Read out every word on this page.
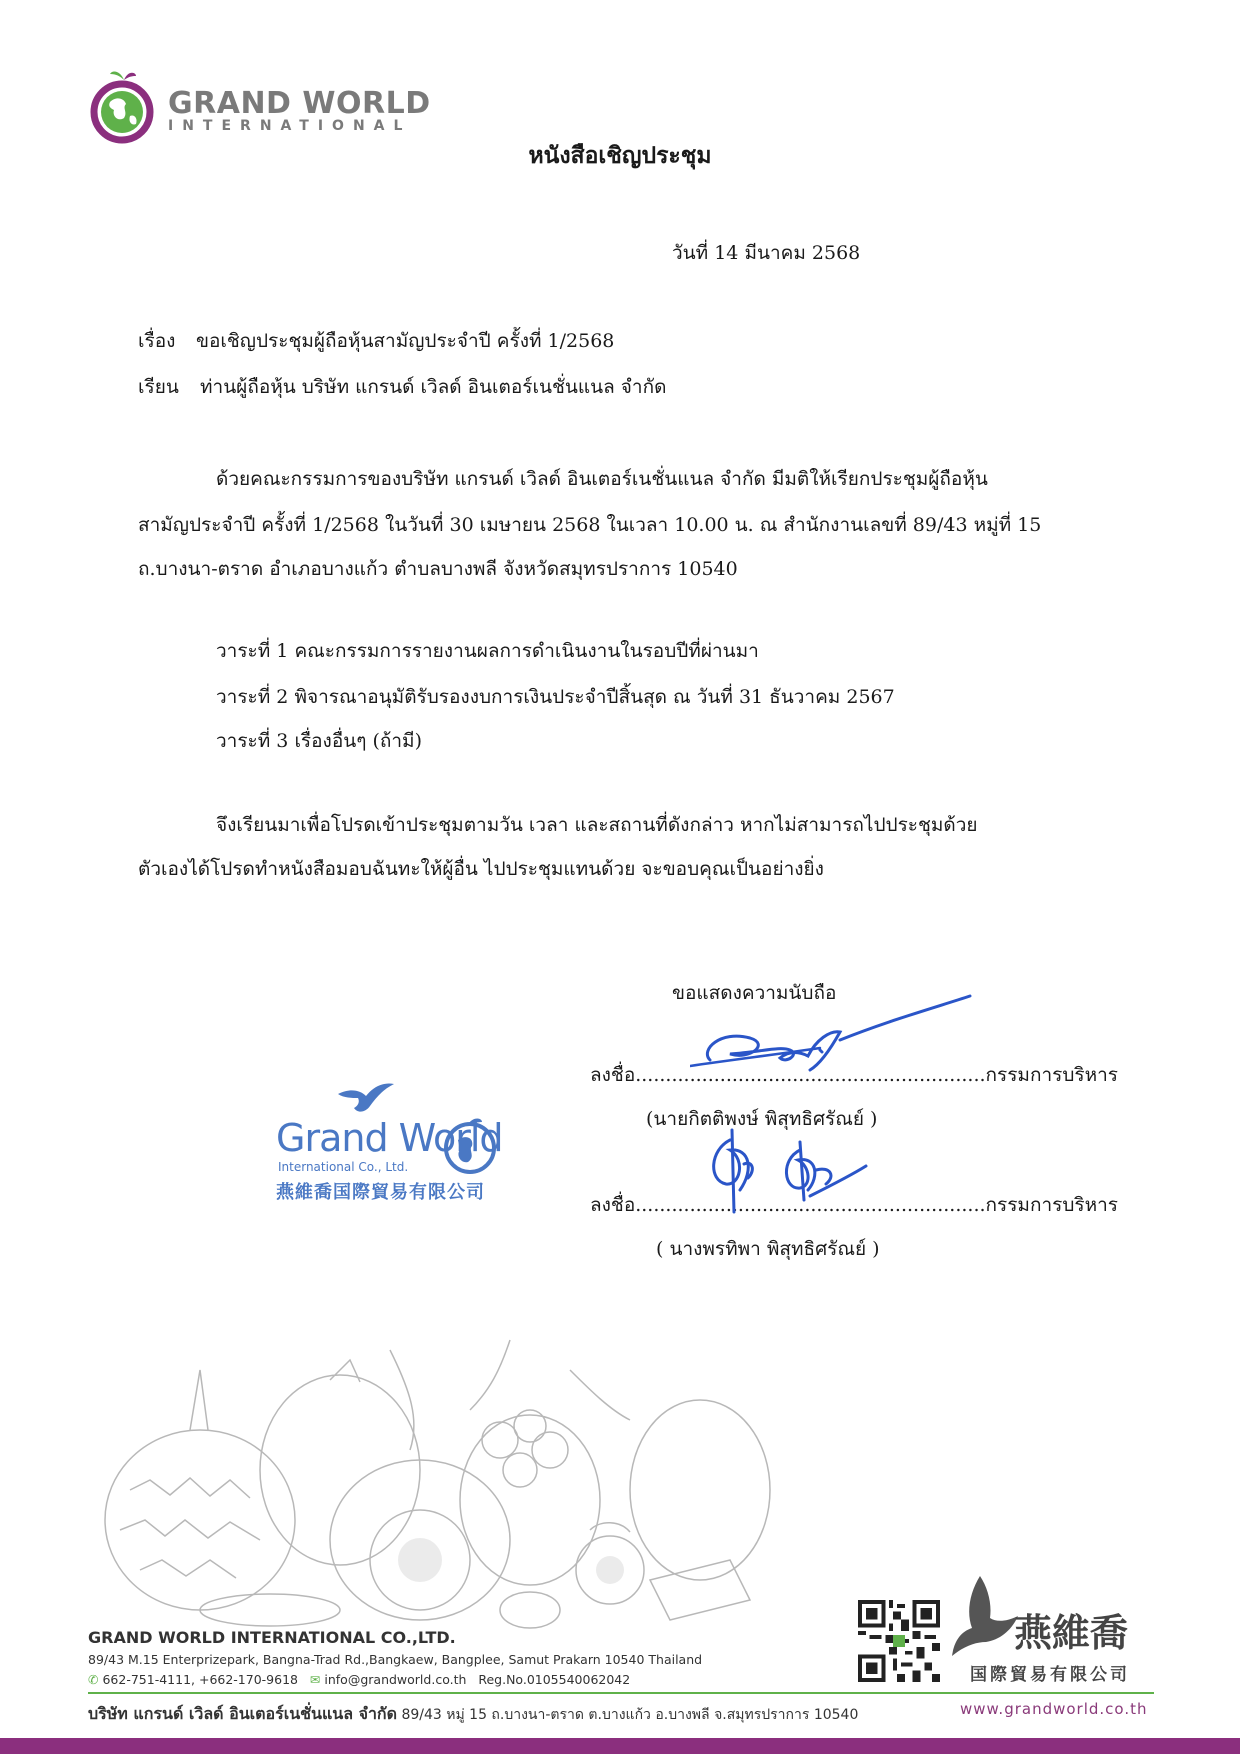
GRAND WORLD
INTERNATIONAL
หนังสือเชิญประชุม
วันที่ 14 มีนาคม 2568
เรื่อง ขอเชิญประชุมผู้ถือหุ้นสามัญประจำปี ครั้งที่ 1/2568
เรียน ท่านผู้ถือหุ้น บริษัท แกรนด์ เวิลด์ อินเตอร์เนชั่นแนล จำกัด
ด้วยคณะกรรมการของบริษัท แกรนด์ เวิลด์ อินเตอร์เนชั่นแนล จำกัด มีมติให้เรียกประชุมผู้ถือหุ้น
สามัญประจำปี ครั้งที่ 1/2568 ในวันที่ 30 เมษายน 2568 ในเวลา 10.00 น. ณ สำนักงานเลขที่ 89/43 หมู่ที่ 15
ถ.บางนา-ตราด อำเภอบางแก้ว ตำบลบางพลี จังหวัดสมุทรปราการ 10540
วาระที่ 1 คณะกรรมการรายงานผลการดำเนินงานในรอบปีที่ผ่านมา
วาระที่ 2 พิจารณาอนุมัติรับรองงบการเงินประจำปีสิ้นสุด ณ วันที่ 31 ธันวาคม 2567
วาระที่ 3 เรื่องอื่นๆ (ถ้ามี)
จึงเรียนมาเพื่อโปรดเข้าประชุมตามวัน เวลา และสถานที่ดังกล่าว หากไม่สามารถไปประชุมด้วย
ตัวเองได้โปรดทำหนังสือมอบฉันทะให้ผู้อื่น ไปประชุมแทนด้วย จะขอบคุณเป็นอย่างยิ่ง
ขอแสดงความนับถือ
ลงชื่อ..........................................................กรรมการบริหาร
(นายกิตติพงษ์ พิสุทธิศรัณย์ )
ลงชื่อ..........................................................กรรมการบริหาร
( นางพรทิพา พิสุทธิศรัณย์ )
Grand World
International Co., Ltd.
燕維喬国際貿易有限公司
燕維喬
国際貿易有限公司
GRAND WORLD INTERNATIONAL CO.,LTD.
89/43 M.15 Enterprizepark, Bangna-Trad Rd.,Bangkaew, Bangplee, Samut Prakarn 10540 Thailand
✆ 662-751-4111, +662-170-9618 ✉ info@grandworld.co.th Reg.No.0105540062042
บริษัท แกรนด์ เวิลด์ อินเตอร์เนชั่นแนล จำกัด 89/43 หมู่ 15 ถ.บางนา-ตราด ต.บางแก้ว อ.บางพลี จ.สมุทรปราการ 10540	www.grandworld.co.th
